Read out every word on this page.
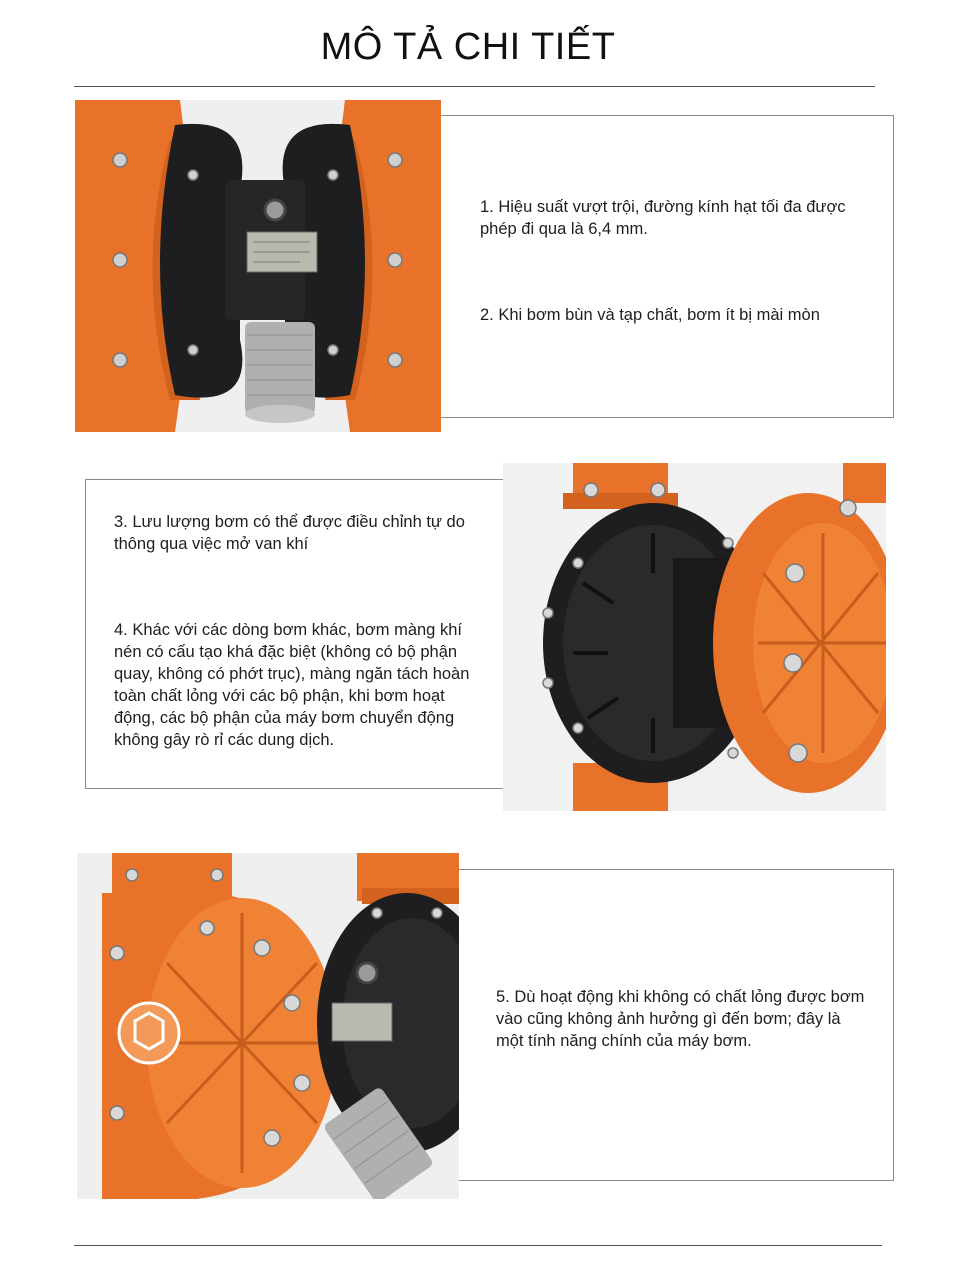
MÔ TẢ CHI TIẾT
1. Hiệu suất vượt trội, đường kính hạt tối đa được phép đi qua là 6,4 mm.
2. Khi bơm bùn và tạp chất, bơm ít bị mài mòn
3. Lưu lượng bơm có thể được điều chỉnh tự do thông qua việc mở van khí
4. Khác với các dòng bơm khác, bơm màng khí nén có cấu tạo khá đặc biệt (không có bộ phận quay, không có phớt trục), màng ngăn tách hoàn toàn chất lỏng với các bộ phận, khi bơm hoạt động, các bộ phận của máy bơm chuyển động không gây rò rỉ các dung dịch.
5. Dù hoạt động khi không có chất lỏng được bơm vào cũng không ảnh hưởng gì đến bơm; đây là một tính năng chính của máy bơm.
